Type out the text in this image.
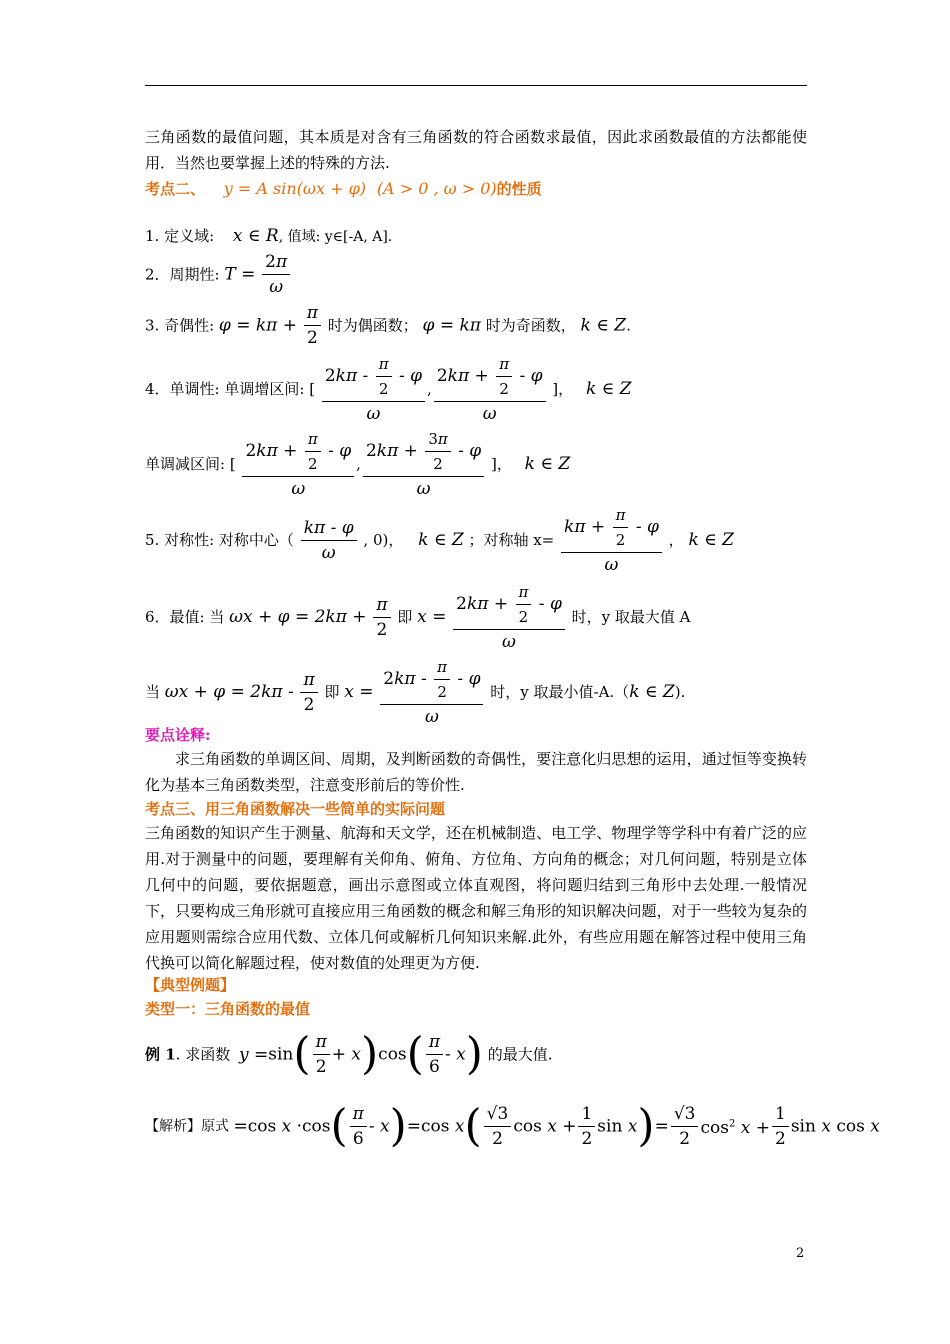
三角函数的最值问题，其本质是对含有三角函数的符合函数求最值，因此求函数最值的方法都能使用．当然也要掌握上述的特殊的方法.
考点二、 y = A sin(ωx + φ) (A > 0 , ω > 0)的性质
1. 定义域: x ∈ R, 值域: y∈[-A, A].
2．周期性: $T = \frac{2\pi}{\omega}$
3. 奇偶性: $\varphi = k\pi + \frac{\pi}{2}$ 时为偶函数； φ = kπ 时为奇函数， k ∈ Z.
4．单调性: 单调增区间: [ $\frac{2k\pi - \frac{\pi}{2} - \varphi}{\omega}$ , $\frac{2k\pi + \frac{\pi}{2} - \varphi}{\omega}$ ]， k ∈ Z
单调减区间: [ $\frac{2k\pi + \frac{\pi}{2} - \varphi}{\omega}$ , $\frac{2k\pi + \frac{3\pi}{2} - \varphi}{\omega}$ ]， k ∈ Z
5. 对称性: 对称中心（ $\frac{k\pi - \varphi}{\omega}$ , 0)， k ∈ Z ；对称轴 $x= \frac{k\pi + \frac{\pi}{2} - \varphi}{\omega}$ ， k ∈ Z
6．最值: 当 $\omega x + \varphi = 2k\pi + \frac{\pi}{2}$ 即 $x = \frac{2k\pi + \frac{\pi}{2} - \varphi}{\omega}$ 时，y 取最大值 A
当 $\omega x + \varphi = 2k\pi - \frac{\pi}{2}$ 即 $x = \frac{2k\pi - \frac{\pi}{2} - \varphi}{\omega}$ 时，y 取最小值-A.（k ∈ Z).
要点诠释:
求三角函数的单调区间、周期，及判断函数的奇偶性，要注意化归思想的运用，通过恒等变换转化为基本三角函数类型，注意变形前后的等价性.
考点三、用三角函数解决一些简单的实际问题
三角函数的知识产生于测量、航海和天文学，还在机械制造、电工学、物理学等学科中有着广泛的应用.对于测量中的问题，要理解有关仰角、俯角、方位角、方向角的概念；对几何问题，特别是立体几何中的问题，要依据题意，画出示意图或立体直观图，将问题归结到三角形中去处理.一般情况下，只要构成三角形就可直接应用三角函数的概念和解三角形的知识解决问题，对于一些较为复杂的应用题则需综合应用代数、立体几何或解析几何知识来解.此外，有些应用题在解答过程中使用三角代换可以简化解题过程，使对数值的处理更为方便.
【典型例题】
类型一：三角函数的最值
例 1. 求函数 $y =\sin( \frac{\pi}{2} + x)\cos( \frac{\pi}{6} - x)$ 的最大值.
【解析】原式 =cos $x \cdot\cos( \frac{\pi}{6} - x)=\cos$ $x( \frac{√3}{2}$ $\cos x + \frac{1}{2}$ $\sin x)= \frac{√3}{2} \cos^2 x + \frac{1}{2}$ sin x cos x
2
